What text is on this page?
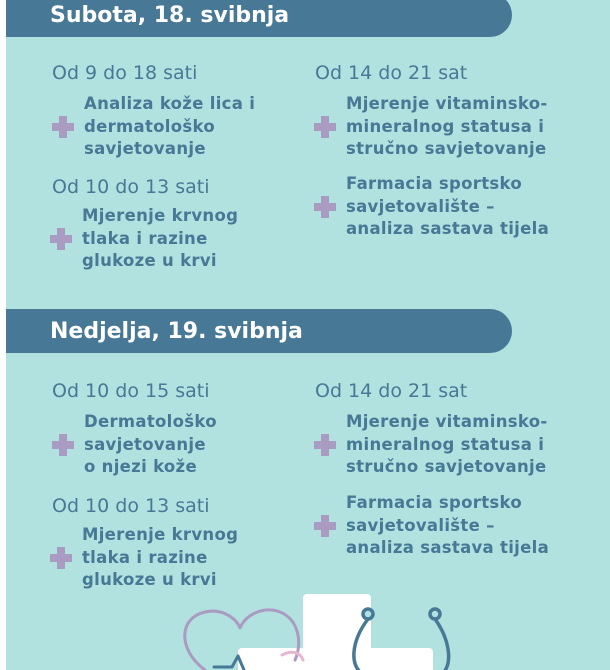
Subota, 18. svibnja
Od 9 do 18 sati
Analiza kože lica i
dermatološko
savjetovanje
Od 10 do 13 sati
Mjerenje krvnog
tlaka i razine
glukoze u krvi
Od 14 do 21 sat
Mjerenje vitaminsko-
mineralnog statusa i
stručno savjetovanje
Farmacia sportsko
savjetovalište –
analiza sastava tijela
Nedjelja, 19. svibnja
Od 10 do 15 sati
Dermatološko
savjetovanje
o njezi kože
Od 10 do 13 sati
Mjerenje krvnog
tlaka i razine
glukoze u krvi
Od 14 do 21 sat
Mjerenje vitaminsko-
mineralnog statusa i
stručno savjetovanje
Farmacia sportsko
savjetovalište –
analiza sastava tijela
